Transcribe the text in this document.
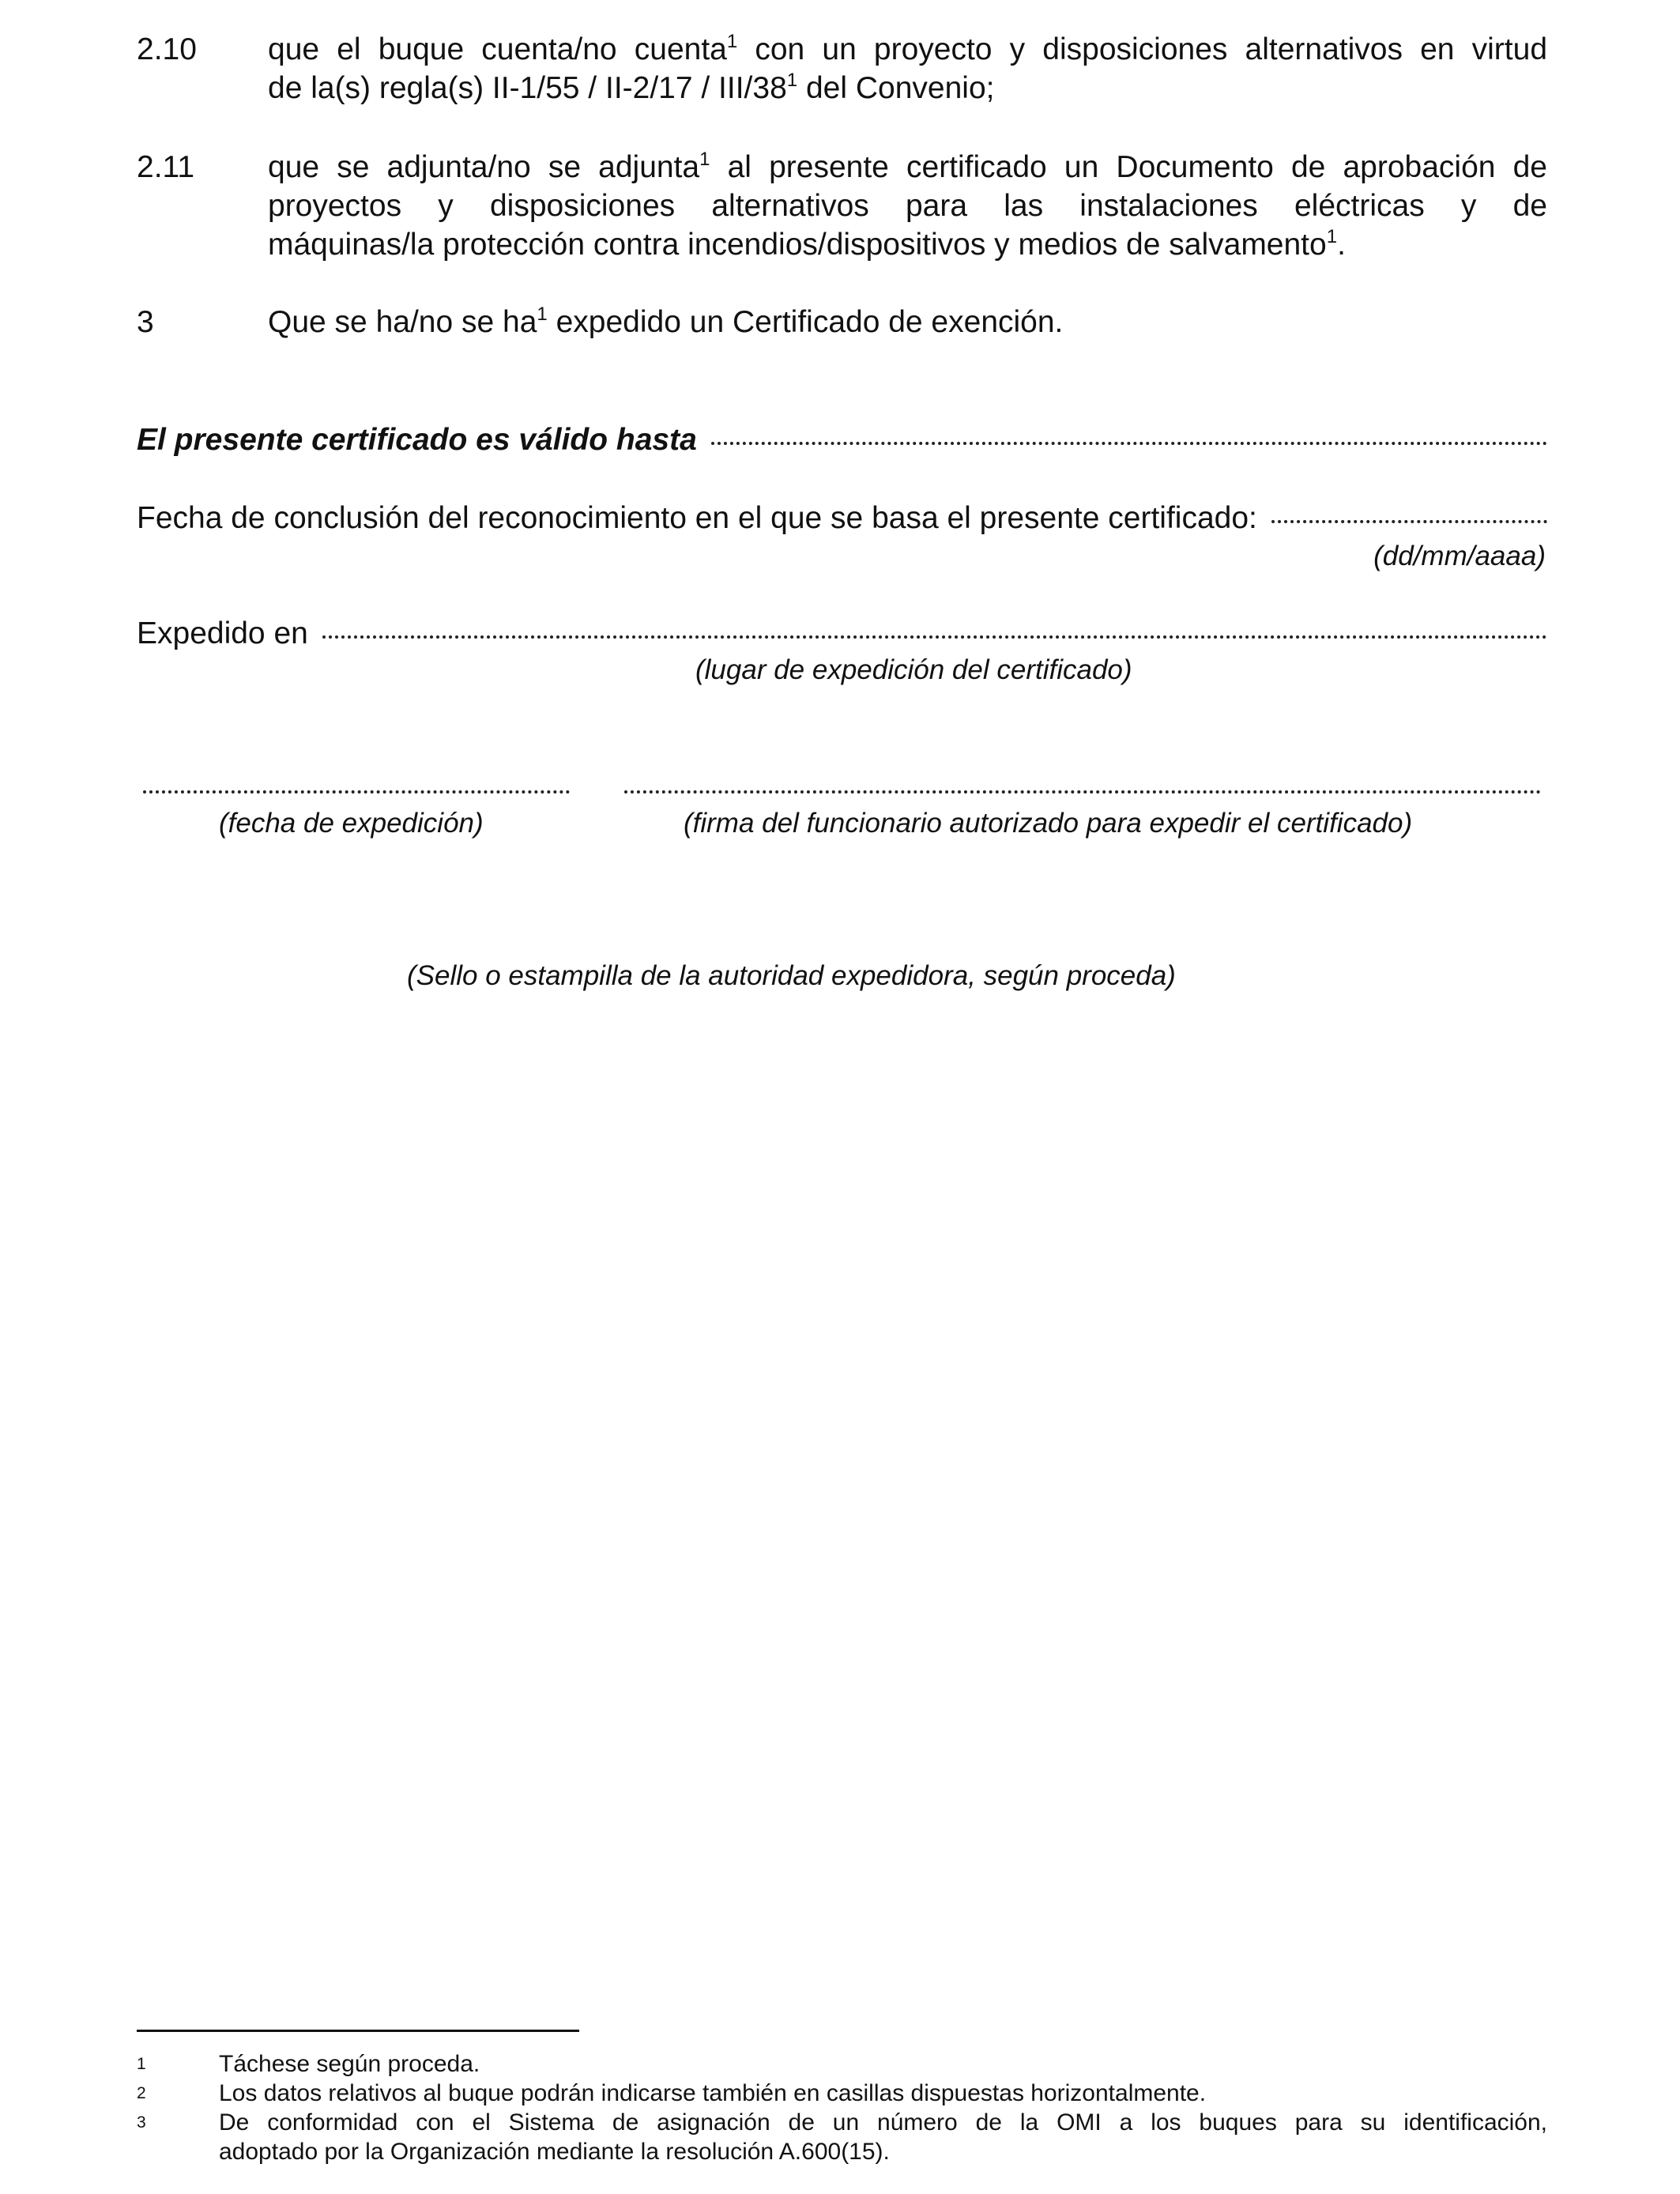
2.10 que el buque cuenta/no cuenta$^1$ con un proyecto y disposiciones alternativos en virtud
de la(s) regla(s) II-1/55 / II-2/17 / III/$38^1$ del Convenio;
2.11 que se adjunta/no se adjunta$^1$ al presente certificado un Documento de aprobación de
proyectos y disposiciones alternativos para las instalaciones eléctricas y de
máquinas/la protección contra incendios/dispositivos y medios de salvamento$^1$.
3	Que se ha/no se $ha^1$ expedido un Certificado de exención.
El presente certificado es válido hasta
Fecha de conclusión del reconocimiento en el que se basa el presente certificado:
(dd/mm/aaaa)
Expedido en
(lugar de expedición del certificado)
(fecha de expedición)	(firma del funcionario autorizado para expedir el certificado)
(Sello o estampilla de la autoridad expedidora, según proceda)
1	Táchese según proceda.
2	Los datos relativos al buque podrán indicarse también en casillas dispuestas horizontalmente.
3	De conformidad con el Sistema de asignación de un número de la OMI a los buques para su identificación,
adoptado por la Organización mediante la resolución A.600(15).
